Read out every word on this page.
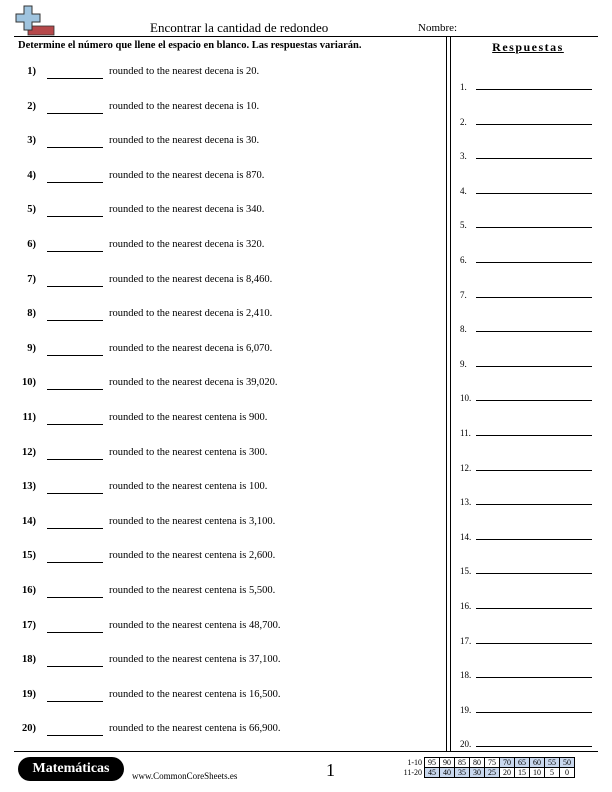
Encontrar la cantidad de redondeo	Nombre:
Determine el número que llene el espacio en blanco. Las respuestas variarán.
1)	rounded to the nearest decena is 20.
2)	rounded to the nearest decena is 10.
3)	rounded to the nearest decena is 30.
4)	rounded to the nearest decena is 870.
5)	rounded to the nearest decena is 340.
6)	rounded to the nearest decena is 320.
7)	rounded to the nearest decena is 8,460.
8)	rounded to the nearest decena is 2,410.
9)	rounded to the nearest decena is 6,070.
10)	rounded to the nearest decena is 39,020.
11)	rounded to the nearest centena is 900.
12)	rounded to the nearest centena is 300.
13)	rounded to the nearest centena is 100.
14)	rounded to the nearest centena is 3,100.
15)	rounded to the nearest centena is 2,600.
16)	rounded to the nearest centena is 5,500.
17)	rounded to the nearest centena is 48,700.
18)	rounded to the nearest centena is 37,100.
19)	rounded to the nearest centena is 16,500.
20)	rounded to the nearest centena is 66,900.
Respuestas
1.
2.
3.
4.
5.
6.
7.
8.
9.
10.
11.
12.
13.
14.
15.
16.
17.
18.
19.
20.
Matemáticas	www.CommonCoreSheets.es	1	1-10	95	90	85	80	75	70	65	60	55	50
11-20	45	40	35	30	25	20	15	10	5	0
